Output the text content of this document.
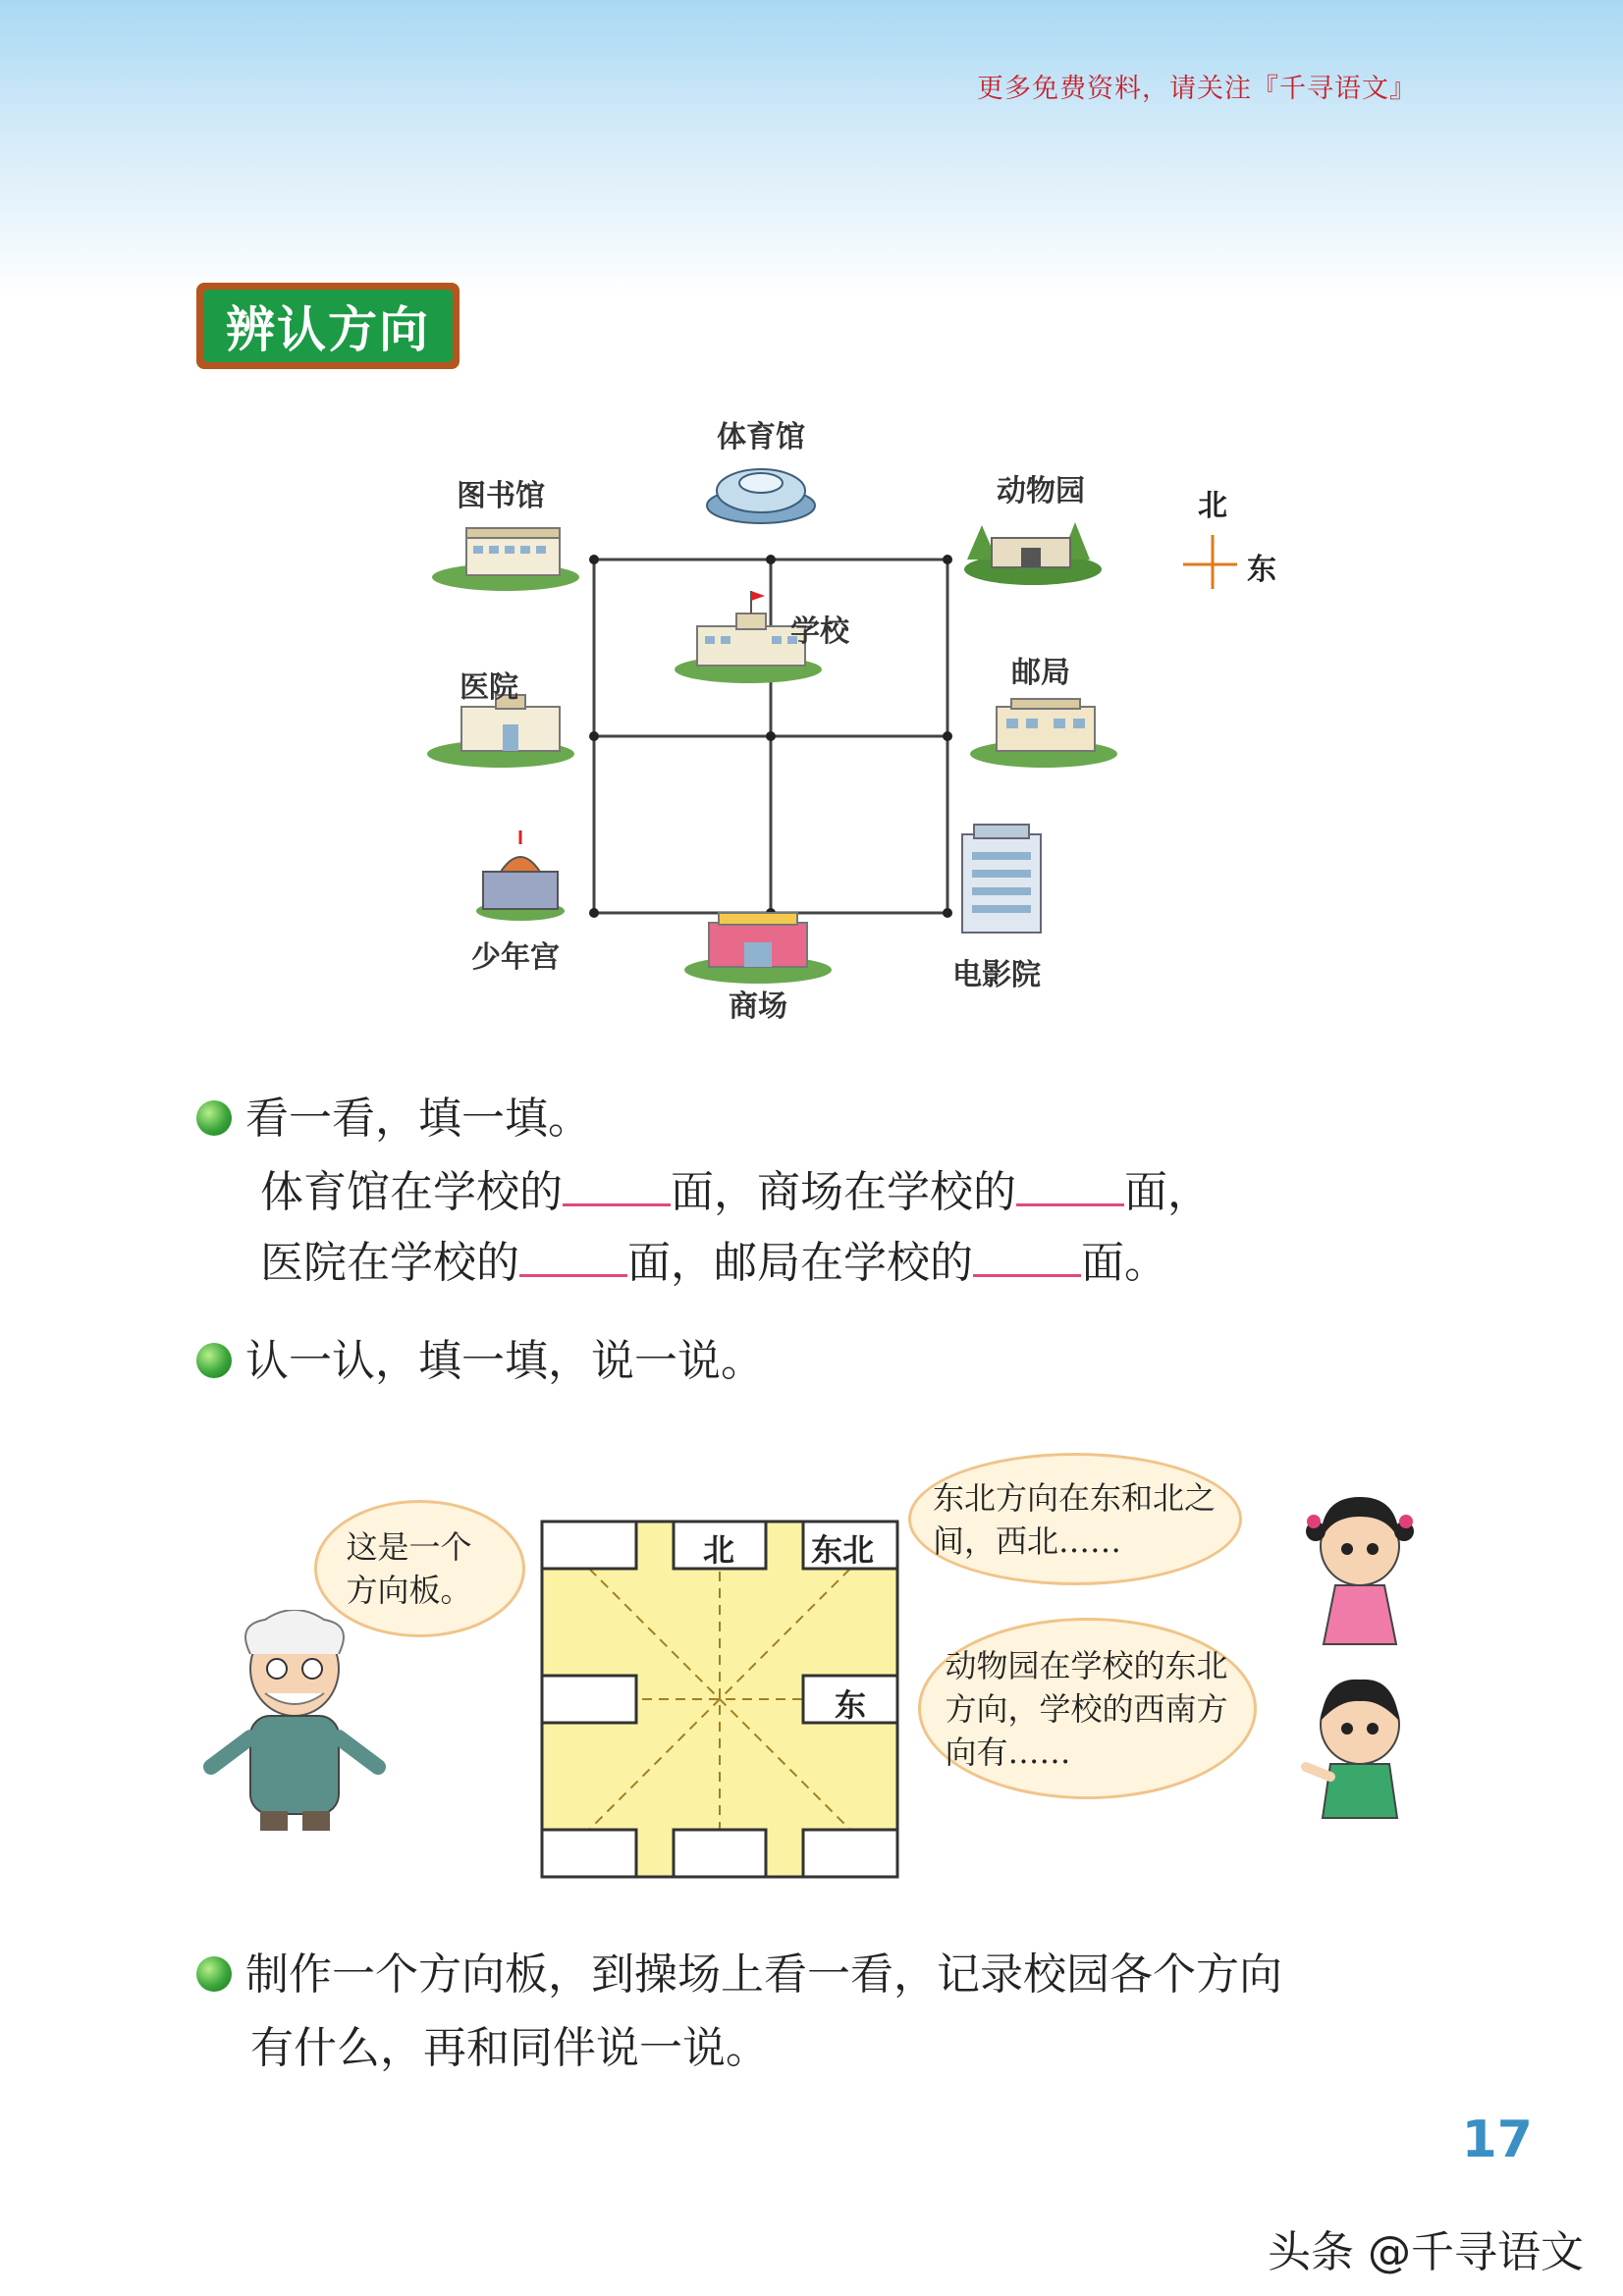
更多免费资料，请关注『千寻语文』
辨认方向
体育馆
图书馆	动物园
学校
医院	邮局
少年宫
商场
电影院
北
东
看一看，填一填。
体育馆在学校的	面，商场在学校的	面，
医院在学校的	面，邮局在学校的	面。
认一认，填一填，说一说。
这是一个方向板。
北 东北
东
东北方向在东和北之间，西北……
动物园在学校的东北方向，学校的西南方向有……
制作一个方向板，到操场上看一看，记录校园各个方向
有什么，再和同伴说一说。
17
头条 @千寻语文
